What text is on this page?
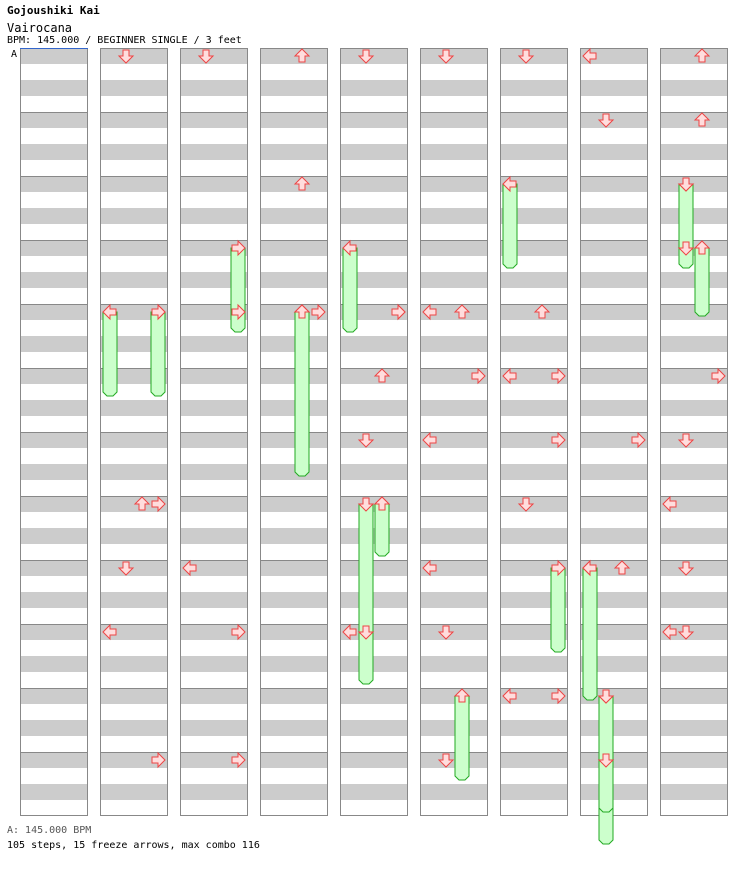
Gojoushiki Kai
Vairocana
BPM: 145.000 / BEGINNER SINGLE / 3 feet
A
A: 145.000 BPM
105 steps, 15 freeze arrows, max combo 116
